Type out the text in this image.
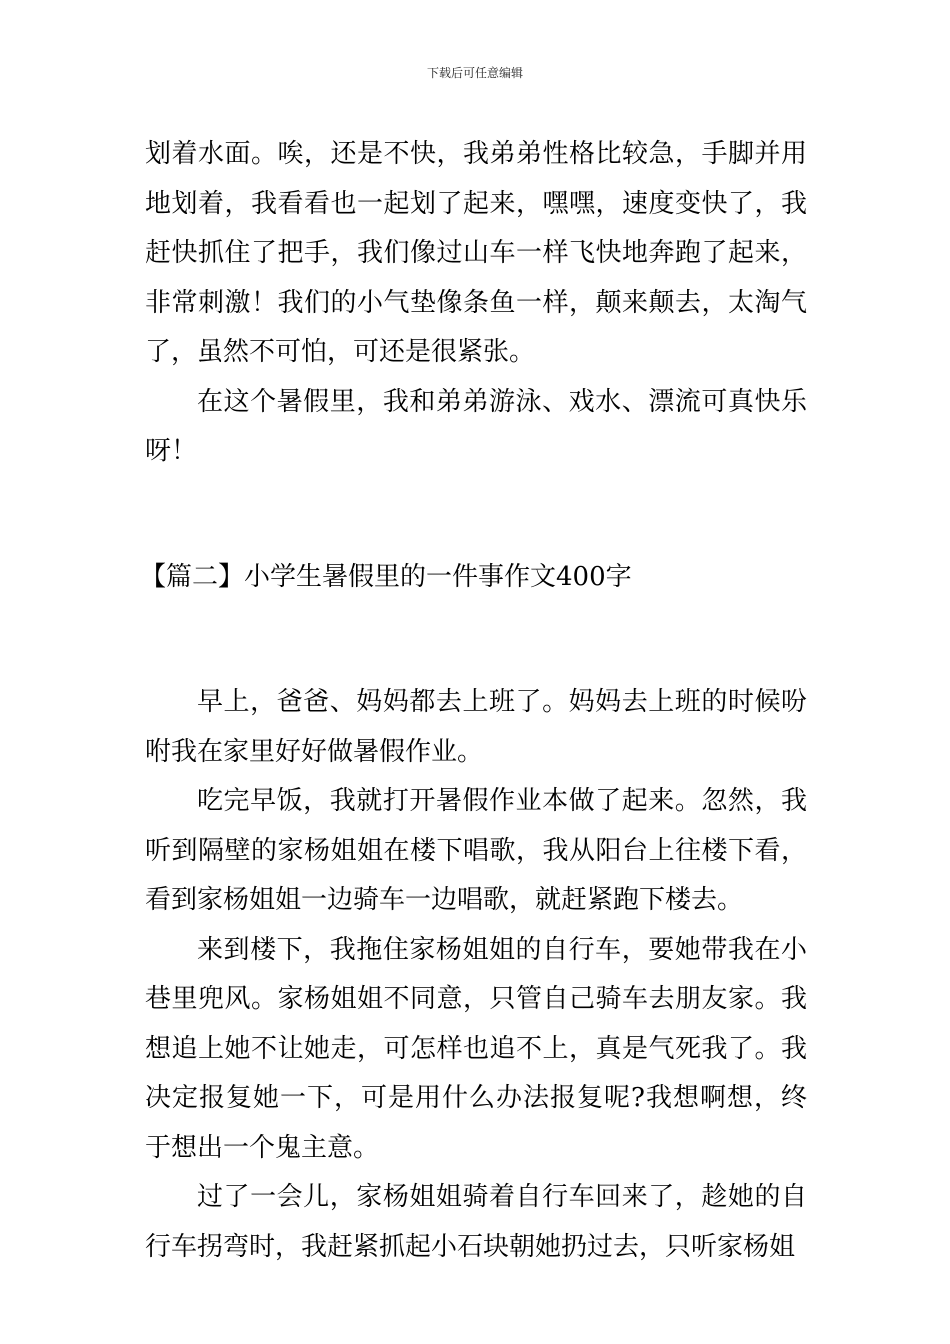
下载后可任意编辑

划着水面。唉，还是不快，我弟弟性格比较急，手脚并用地划着，我看看也一起划了起来，嘿嘿，速度变快了，我赶快抓住了把手，我们像过山车一样飞快地奔跑了起来，非常刺激！我们的小气垫像条鱼一样，颠来颠去，太淘气了，虽然不可怕，可还是很紧张。

在这个暑假里，我和弟弟游泳、戏水、漂流可真快乐呀！

【篇二】小学生暑假里的一件事作文400字

早上，爸爸、妈妈都去上班了。妈妈去上班的时候吩咐我在家里好好做暑假作业。

吃完早饭，我就打开暑假作业本做了起来。忽然，我听到隔壁的家杨姐姐在楼下唱歌，我从阳台上往楼下看，看到家杨姐姐一边骑车一边唱歌，就赶紧跑下楼去。

来到楼下，我拖住家杨姐姐的自行车，要她带我在小巷里兜风。家杨姐姐不同意，只管自己骑车去朋友家。我想追上她不让她走，可怎样也追不上，真是气死我了。我决定报复她一下，可是用什么办法报复呢?我想啊想，终于想出一个鬼主意。

过了一会儿，家杨姐姐骑着自行车回来了，趁她的自行车拐弯时，我赶紧抓起小石块朝她扔过去，只听家杨姐
